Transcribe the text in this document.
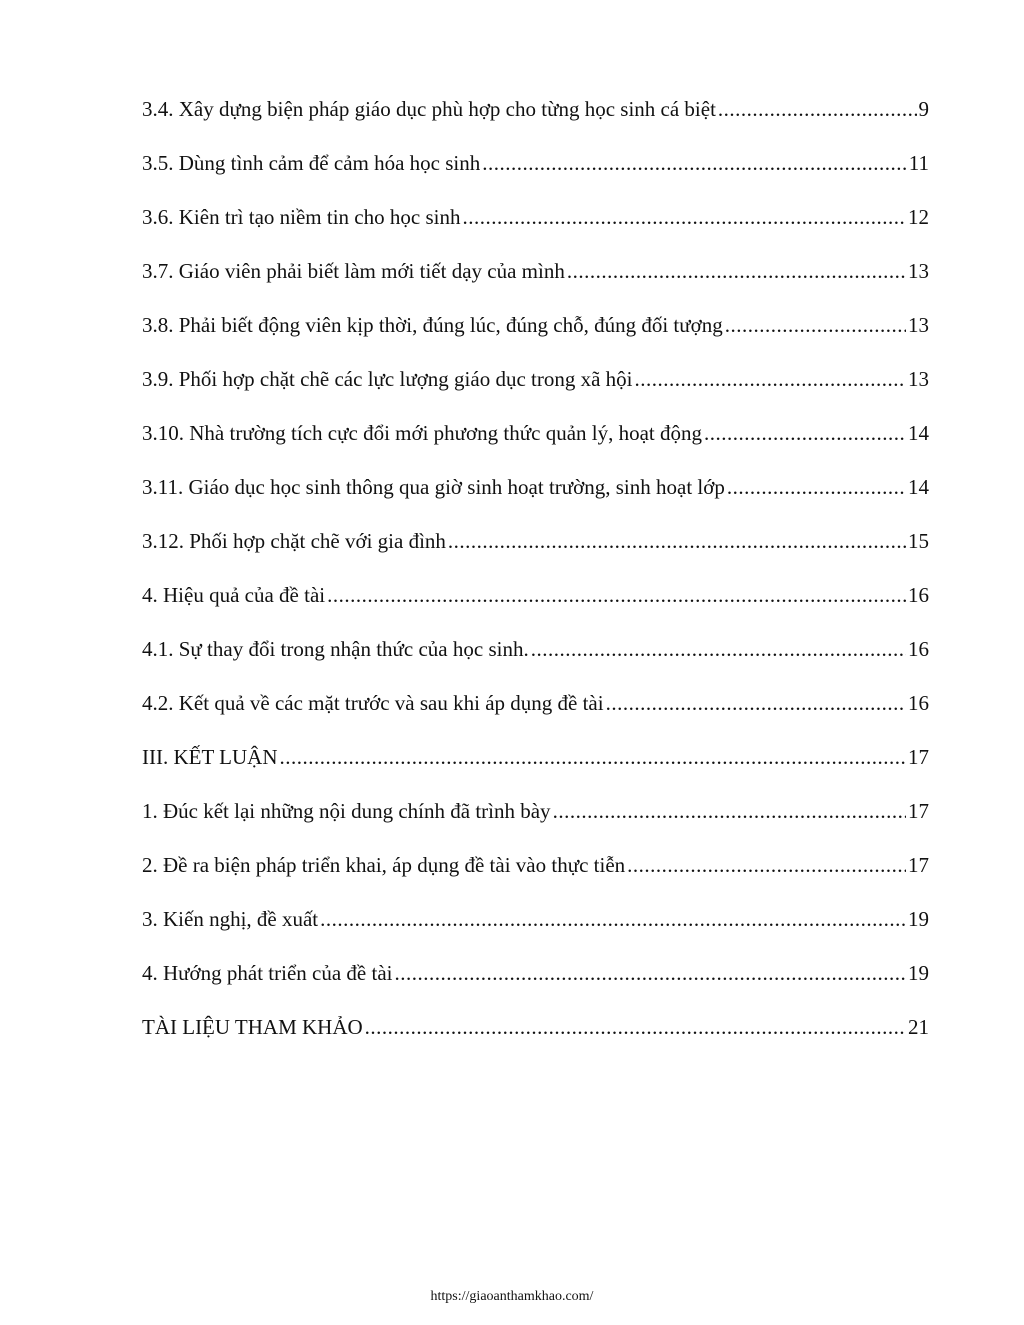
3.4. Xây dựng biện pháp giáo dục phù hợp cho từng học sinh cá biệt .....	9
3.5. Dùng tình cảm để cảm hóa học sinh .....	11
3.6. Kiên trì tạo niềm tin cho học sinh .....	12
3.7. Giáo viên phải biết làm mới tiết dạy của mình .....	13
3.8. Phải biết động viên kịp thời, đúng lúc, đúng chỗ, đúng đối tượng .....	13
3.9. Phối hợp chặt chẽ các lực lượng giáo dục trong xã hội .....	13
3.10. Nhà trường tích cực đổi mới phương thức quản lý, hoạt động .....	14
3.11. Giáo dục học sinh thông qua giờ sinh hoạt trường, sinh hoạt lớp .....	14
3.12. Phối hợp chặt chẽ với gia đình .....	15
4. Hiệu quả của đề tài .....	16
4.1. Sự thay đổi trong nhận thức của học sinh. .....	16
4.2. Kết quả về các mặt trước và sau khi áp dụng đề tài .....	16
III. KẾT LUẬN .....	17
1. Đúc kết lại những nội dung chính đã trình bày .....	17
2. Đề ra biện pháp triển khai, áp dụng đề tài vào thực tiễn .....	17
3. Kiến nghị, đề xuất .....	19
4. Hướng phát triển của đề tài .....	19
TÀI LIỆU THAM KHẢO .....	21
https://giaoanthamkhao.com/
